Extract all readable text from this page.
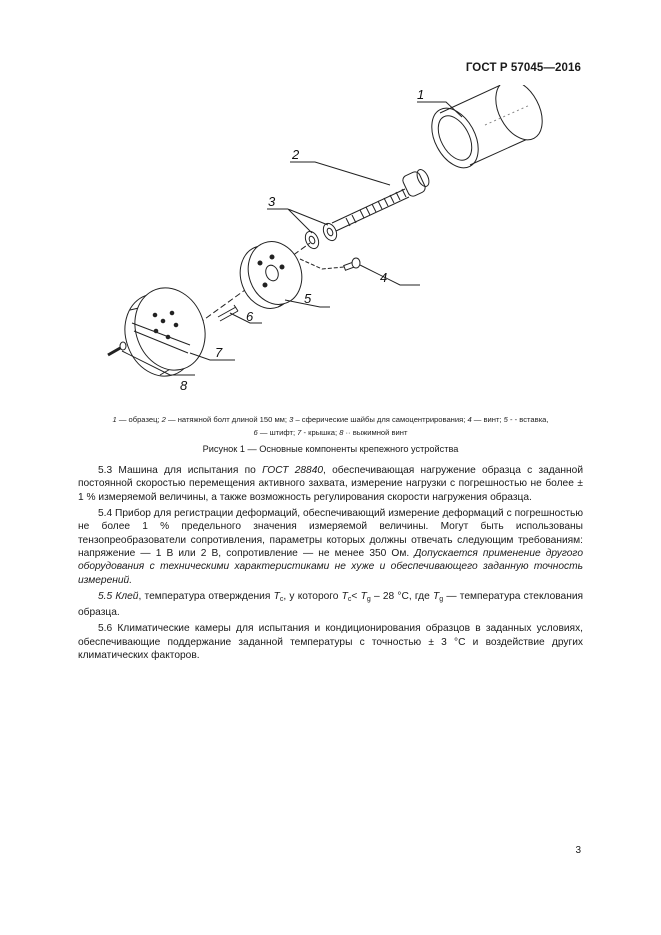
ГОСТ Р 57045—2016
1
2
3
4
5
6
7
8
1 — образец; 2 — натяжной болт длиной 150 мм; 3 – сферические шайбы для самоцентрирования; 4 — винт; 5 - - вставка,
6 — штифт; 7 - крышка; 8 ·· выжимной винт
Рисунок 1 — Основные компоненты крепежного устройства

5.3 Машина для испытания по ГОСТ 28840, обеспечивающая нагружение образца с заданной постоянной скоростью перемещения активного захвата, измерение нагрузки с погрешностью не более ± 1 % измеряемой величины, а также возможность регулирования скорости нагружения образца.

5.4 Прибор для регистрации деформаций, обеспечивающий измерение деформаций с погрешностью не более 1 % предельного значения измеряемой величины. Могут быть использованы тензопреобразователи сопротивления, параметры которых должны отвечать следующим требованиям: напряжение — 1 В или 2 В, сопротивление — не менее 350 Ом. Допускается применение другого оборудования с техническими характеристиками не хуже и обеспечивающего заданную точность измерений.

5.5 Клей, температура отверждения $T_c$, у которого $T_c< T_g - 28$ °С, где $T_g$ — температура стеклования образца.

5.6 Климатические камеры для испытания и кондиционирования образцов в заданных условиях, обеспечивающие поддержание заданной температуры с точностью ± 3 °С и воздействие других климатических факторов.

3
